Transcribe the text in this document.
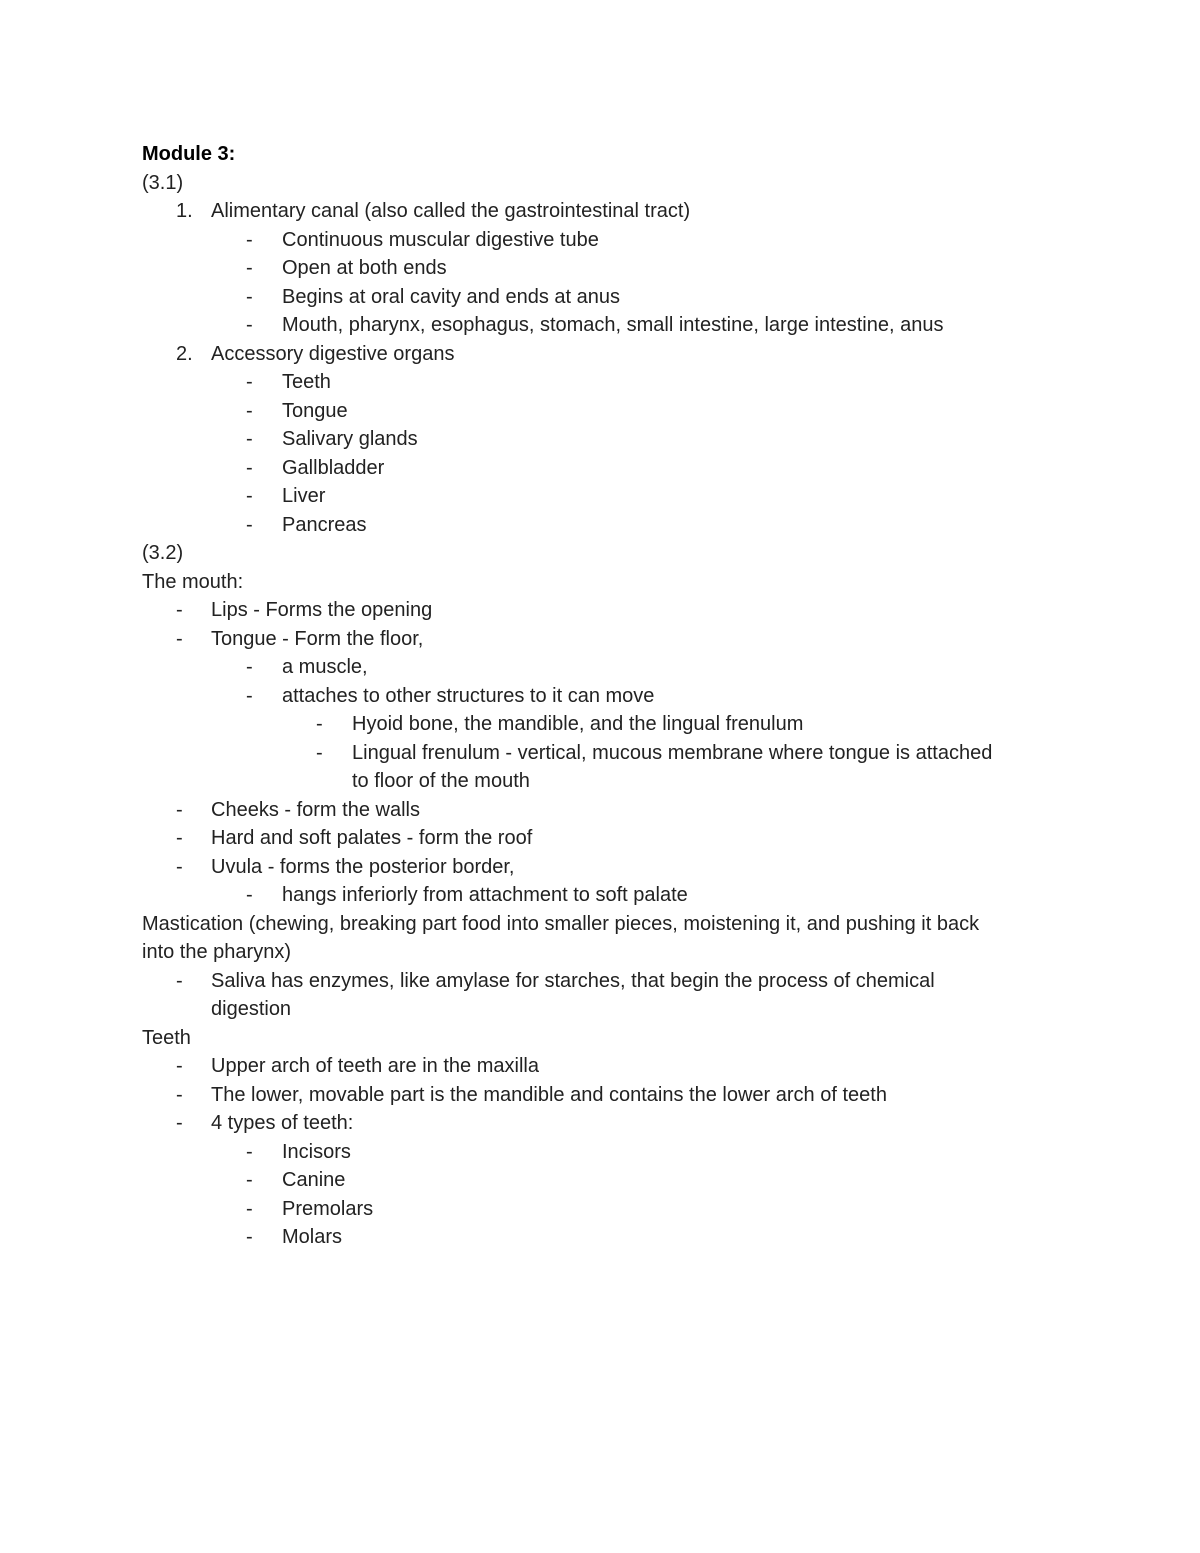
Module 3:
(3.1)
1. Alimentary canal (also called the gastrointestinal tract)
- Continuous muscular digestive tube
- Open at both ends
- Begins at oral cavity and ends at anus
- Mouth, pharynx, esophagus, stomach, small intestine, large intestine, anus
2. Accessory digestive organs
- Teeth
- Tongue
- Salivary glands
- Gallbladder
- Liver
- Pancreas
(3.2)
The mouth:
- Lips - Forms the opening
- Tongue - Form the floor,
- a muscle,
- attaches to other structures to it can move
- Hyoid bone, the mandible, and the lingual frenulum
- Lingual frenulum - vertical, mucous membrane where tongue is attached
to floor of the mouth
- Cheeks - form the walls
- Hard and soft palates - form the roof
- Uvula - forms the posterior border,
- hangs inferiorly from attachment to soft palate
Mastication (chewing, breaking part food into smaller pieces, moistening it, and pushing it back
into the pharynx)
- Saliva has enzymes, like amylase for starches, that begin the process of chemical
digestion
Teeth
- Upper arch of teeth are in the maxilla
- The lower, movable part is the mandible and contains the lower arch of teeth
- 4 types of teeth:
- Incisors
- Canine
- Premolars
- Molars
